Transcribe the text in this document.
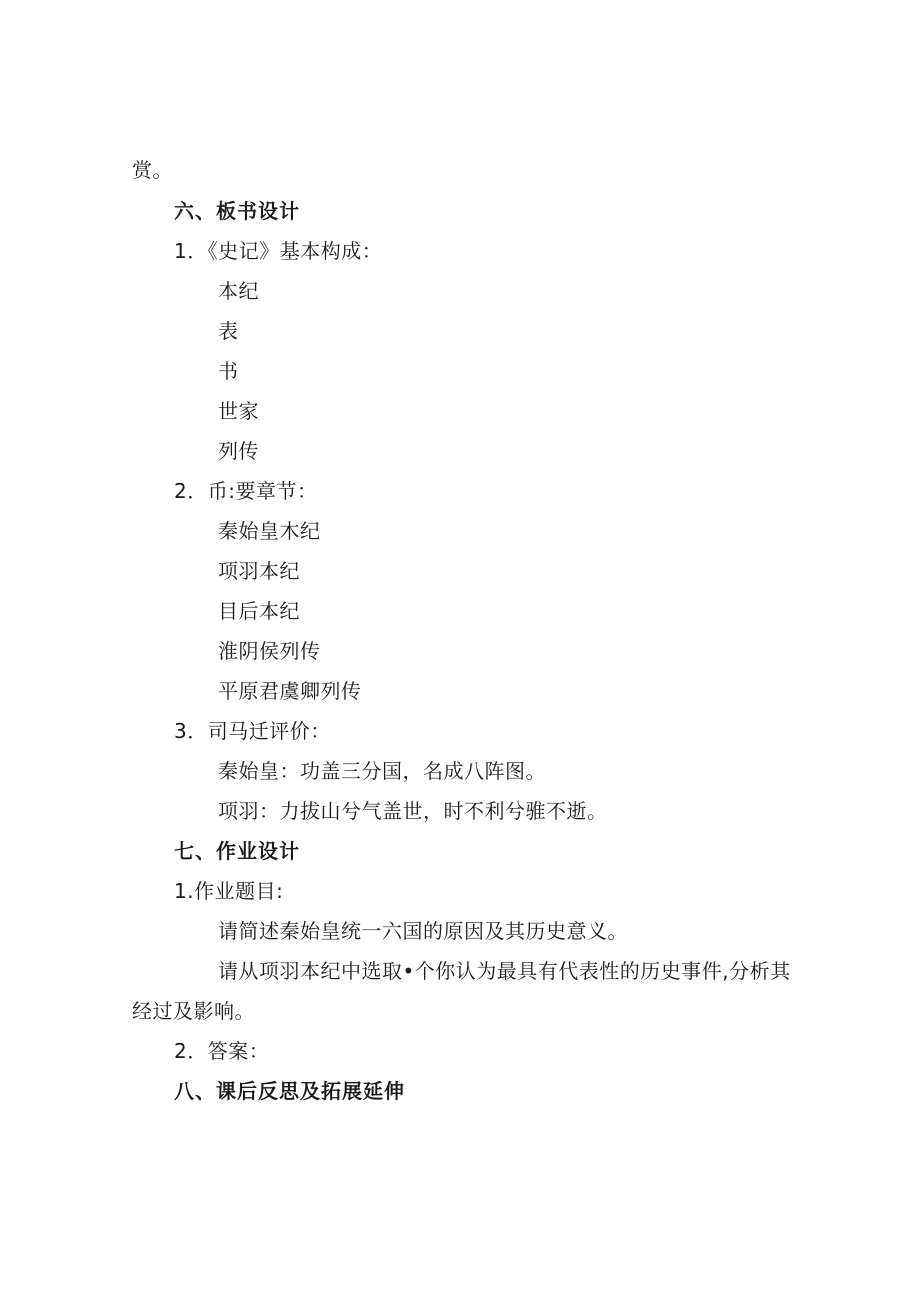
赏。
六、板书设计
1．《史记》基本构成：
本纪
表
书
世家
列传
2．币:要章节：
秦始皇木纪
项羽本纪
目后本纪
淮阴侯列传
平原君虞卿列传
3．司马迁评价：
秦始皇：功盖三分国，名成八阵图。
项羽：力拔山兮气盖世，时不利兮骓不逝。
七、作业设计
1.作业题目:
请简述秦始皇统一六国的原因及其历史意义。
请从项羽本纪中选取•个你认为最具有代表性的历史事件,分析其
经过及影响。
2．答案：
八、课后反思及拓展延伸
